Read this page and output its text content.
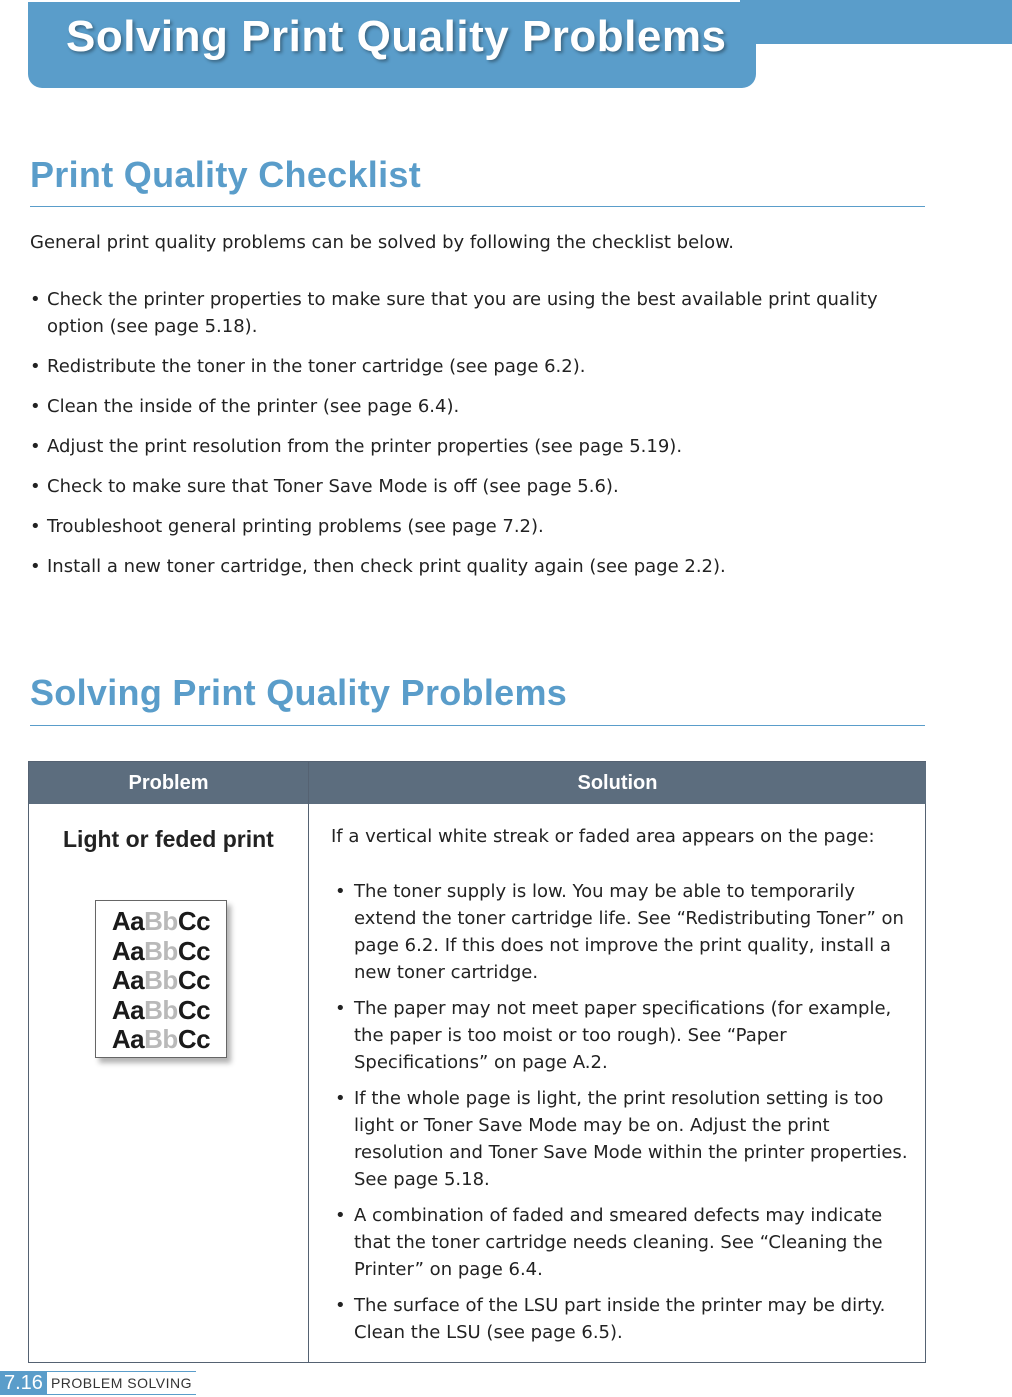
Solving Print Quality Problems
Print Quality Checklist

General print quality problems can be solved by following the checklist below.

• Check the printer properties to make sure that you are using the best available print quality option (see page 5.18).
• Redistribute the toner in the toner cartridge (see page 6.2).
• Clean the inside of the printer (see page 6.4).
• Adjust the print resolution from the printer properties (see page 5.19).
• Check to make sure that Toner Save Mode is off (see page 5.6).
• Troubleshoot general printing problems (see page 7.2).
• Install a new toner cartridge, then check print quality again (see page 2.2).
Solving Print Quality Problems
Problem	Solution
Light or feded print
AaBbCc
AaBbCc
AaBbCc
AaBbCc
AaBbCc

If a vertical white streak or faded area appears on the page:

• The toner supply is low. You may be able to temporarily extend the toner cartridge life. See “Redistributing Toner” on page 6.2. If this does not improve the print quality, install a new toner cartridge.
• The paper may not meet paper specifications (for example, the paper is too moist or too rough). See “Paper Specifications” on page A.2.
• If the whole page is light, the print resolution setting is too light or Toner Save Mode may be on. Adjust the print resolution and Toner Save Mode within the printer properties. See page 5.18.
• A combination of faded and smeared defects may indicate that the toner cartridge needs cleaning. See “Cleaning the Printer” on page 6.4.
• The surface of the LSU part inside the printer may be dirty. Clean the LSU (see page 6.5).
7.16 PROBLEM SOLVING
